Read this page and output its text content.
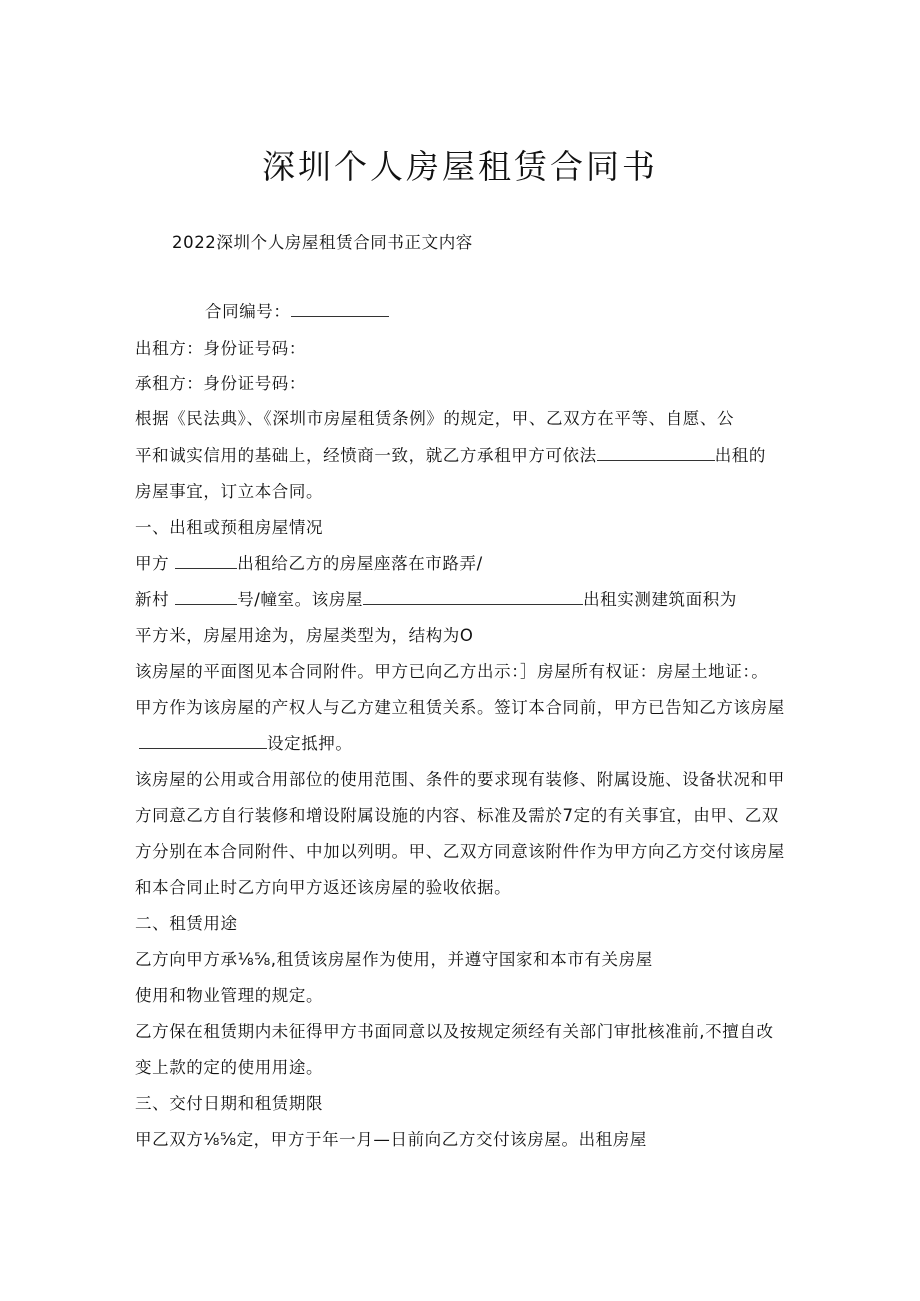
深圳个人房屋租赁合同书
2022深圳个人房屋租赁合同书正文内容
合同编号：
出租方：身份证号码：
承租方：身份证号码：
根据《民法典》、《深圳市房屋租赁条例》的规定，甲、乙双方在平等、自愿、公
平和诚实信用的基础上，经愤商一致，就乙方承租甲方可依法	出租的
房屋事宜，订立本合同。
一、出租或预租房屋情况
甲方	出租给乙方的房屋座落在市路弄/
新村	号/幢室。该房屋	出租实测建筑面积为
平方米，房屋用途为，房屋类型为，结构为O
该房屋的平面图见本合同附件。甲方已向乙方出示：］房屋所有权证：房屋土地证：。
甲方作为该房屋的产权人与乙方建立租赁关系。签订本合同前，甲方已告知乙方该房屋
设定抵押。
该房屋的公用或合用部位的使用范围、条件的要求现有装修、附属设施、设备状况和甲
方同意乙方自行装修和增设附属设施的内容、标准及需於7定的有关事宜，由甲、乙双
方分别在本合同附件、中加以列明。甲、乙双方同意该附件作为甲方向乙方交付该房屋
和本合同止时乙方向甲方返还该房屋的验收依据。
二、租赁用途
乙方向甲方承⅛⅝,租赁该房屋作为使用，并遵守国家和本市有关房屋
使用和物业管理的规定。
乙方保在租赁期内未征得甲方书面同意以及按规定须经有关部门审批核准前,不擅自改
变上款的定的使用用途。
三、交付日期和租赁期限
甲乙双方⅛⅝定，甲方于年一月—日前向乙方交付该房屋。出租房屋
